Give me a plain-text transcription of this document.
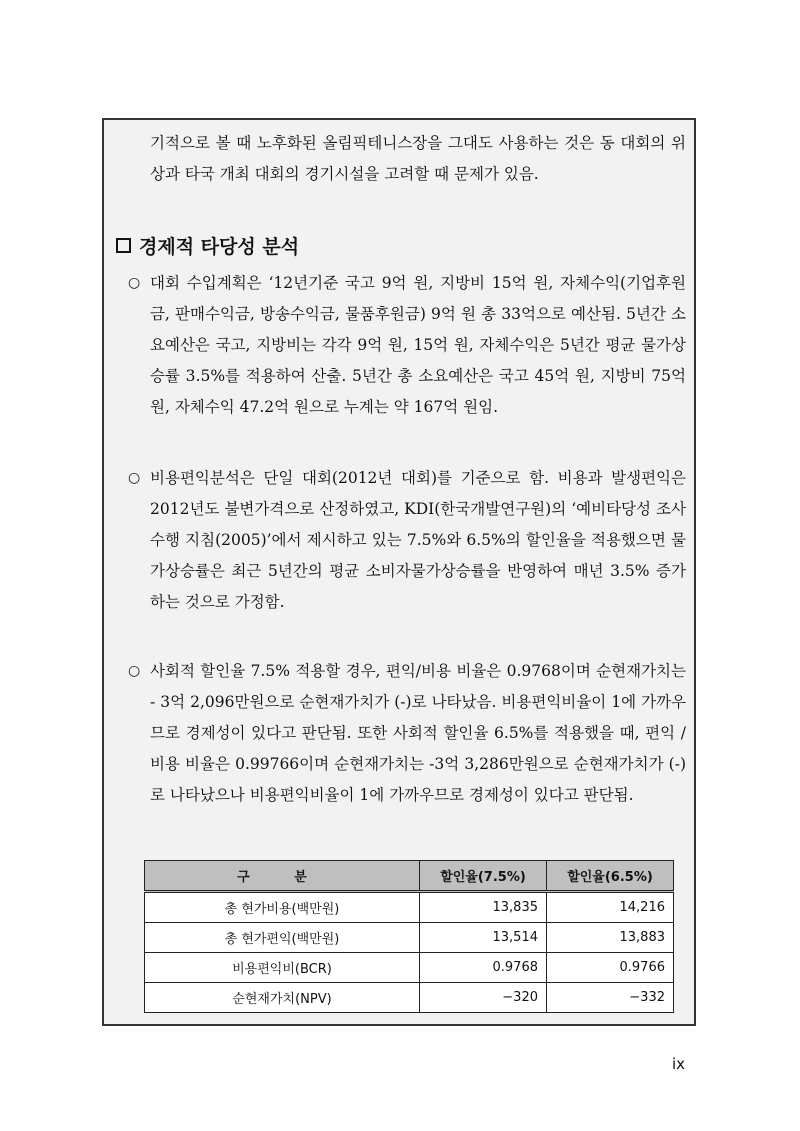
기적으로 볼 때 노후화된 올림픽테니스장을 그대도 사용하는 것은 동 대회의 위상과 타국 개최 대회의 경기시설을 고려할 때 문제가 있음.
경제적 타당성 분석
○ 대회 수입계획은 ‘12년기준 국고 9억 원, 지방비 15억 원, 자체수익(기업후원금, 판매수익금, 방송수익금, 물품후원금) 9억 원 총 33억으로 예산됨. 5년간 소요예산은 국고, 지방비는 각각 9억 원, 15억 원, 자체수익은 5년간 평균 물가상승률 3.5%를 적용하여 산출. 5년간 총 소요예산은 국고 45억 원, 지방비 75억 원, 자체수익 47.2억 원으로 누계는 약 167억 원임.
○ 비용편익분석은 단일 대회(2012년 대회)를 기준으로 함. 비용과 발생편익은 2012년도 불변가격으로 산정하였고, KDI(한국개발연구원)의 ‘예비타당성 조사 수행 지침(2005)’에서 제시하고 있는 7.5%와 6.5%의 할인율을 적용했으면 물가상승률은 최근 5년간의 평균 소비자물가상승률을 반영하여 매년 3.5% 증가하는 것으로 가정함.
○ 사회적 할인율 7.5% 적용할 경우, 편익/비용 비율은 0.9768이며 순현재가치는 - 3억 2,096만원으로 순현재가치가 (-)로 나타났음. 비용편익비율이 1에 가까우므로 경제성이 있다고 판단됨. 또한 사회적 할인율 6.5%를 적용했을 때, 편익 /비용 비율은 0.99766이며 순현재가치는 -3억 3,286만원으로 순현재가치가 (-)로 나타났으나 비용편익비율이 1에 가까우므로 경제성이 있다고 판단됨.
구 분	할인율(7.5%)	할인율(6.5%)
총 현가비용(백만원)	13,835	14,216
총 현가편익(백만원)	13,514	13,883
비용편익비(BCR)	0.9768	0.9766
순현재가치(NPV)	−320	−332
ix
